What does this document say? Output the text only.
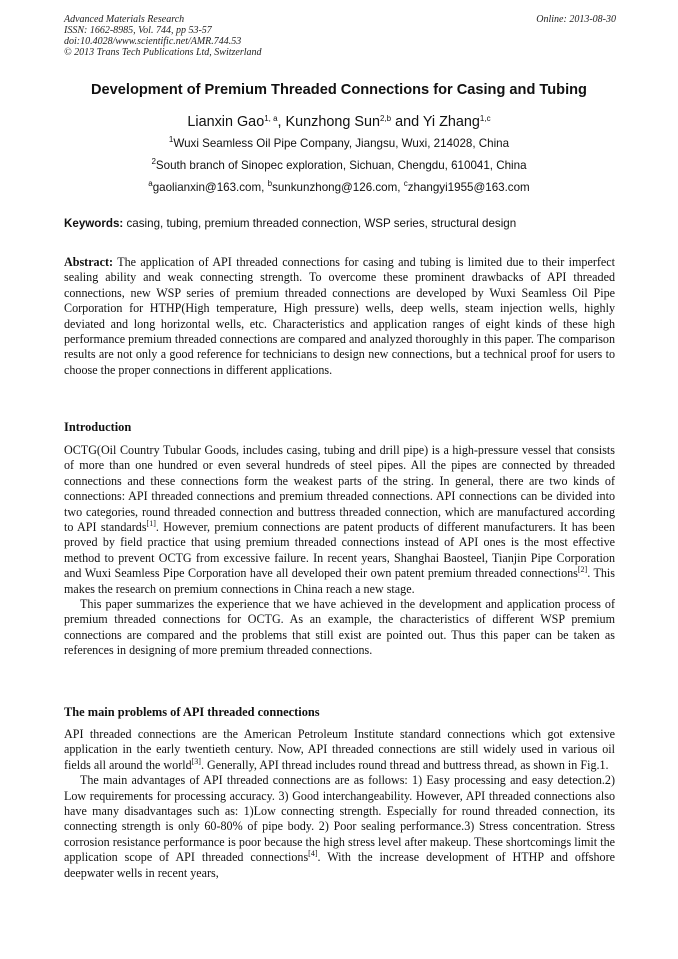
Advanced Materials Research
ISSN: 1662-8985, Vol. 744, pp 53-57
doi:10.4028/www.scientific.net/AMR.744.53
© 2013 Trans Tech Publications Ltd, Switzerland
Online: 2013-08-30
Development of Premium Threaded Connections for Casing and Tubing
Lianxin Gao$^{1, a}$, Kunzhong Sun$^{2,b}$ and Yi Zhang$^{1,c}$
$^1$Wuxi Seamless Oil Pipe Company, Jiangsu, Wuxi, 214028, China
$^2$South branch of Sinopec exploration, Sichuan, Chengdu, 610041, China
$^a$gaolianxin@163.com, $^b$sunkunzhong@126.com, $^c$zhangyi1955@163.com
Keywords: casing, tubing, premium threaded connection, WSP series, structural design

Abstract: The application of API threaded connections for casing and tubing is limited due to their imperfect sealing ability and weak connecting strength. To overcome these prominent drawbacks of API threaded connections, new WSP series of premium threaded connections are developed by Wuxi Seamless Oil Pipe Corporation for HTHP(High temperature, High pressure) wells, deep wells, steam injection wells, highly deviated and long horizontal wells, etc. Characteristics and application ranges of eight kinds of these high performance premium threaded connections are compared and analyzed thoroughly in this paper. The comparison results are not only a good reference for technicians to design new connections, but a technical proof for users to choose the proper connections in different applications.

Introduction

OCTG(Oil Country Tubular Goods, includes casing, tubing and drill pipe) is a high-pressure vessel that consists of more than one hundred or even several hundreds of steel pipes. All the pipes are connected by threaded connections and these connections form the weakest parts of the string. In general, there are two kinds of connections: API threaded connections and premium threaded connections. API connections can be divided into two categories, round threaded connection and buttress threaded connection, which are manufactured according to API standards[1]. However, premium connections are patent products of different manufacturers. It has been proved by field practice that using premium threaded connections instead of API ones is the most effective method to prevent OCTG from excessive failure. In recent years, Shanghai Baosteel, Tianjin Pipe Corporation and Wuxi Seamless Pipe Corporation have all developed their own patent premium threaded connections[2]. This makes the research on premium connections in China reach a new stage.

This paper summarizes the experience that we have achieved in the development and application process of premium threaded connections for OCTG. As an example, the characteristics of different WSP premium connections are compared and the problems that still exist are pointed out. Thus this paper can be taken as references in designing of more premium threaded connections.

The main problems of API threaded connections

API threaded connections are the American Petroleum Institute standard connections which got extensive application in the early twentieth century. Now, API threaded connections are still widely used in various oil fields all around the world[3]. Generally, API thread includes round thread and buttress thread, as shown in Fig.1.

The main advantages of API threaded connections are as follows: 1) Easy processing and easy detection.2) Low requirements for processing accuracy. 3) Good interchangeability. However, API threaded connections also have many disadvantages such as: 1)Low connecting strength. Especially for round threaded connection, its connecting strength is only 60-80% of pipe body. 2) Poor sealing performance.3) Stress concentration. Stress corrosion resistance performance is poor because the high stress level after makeup. These shortcomings limit the application scope of API threaded connections[4]. With the increase development of HTHP and offshore deepwater wells in recent years,
